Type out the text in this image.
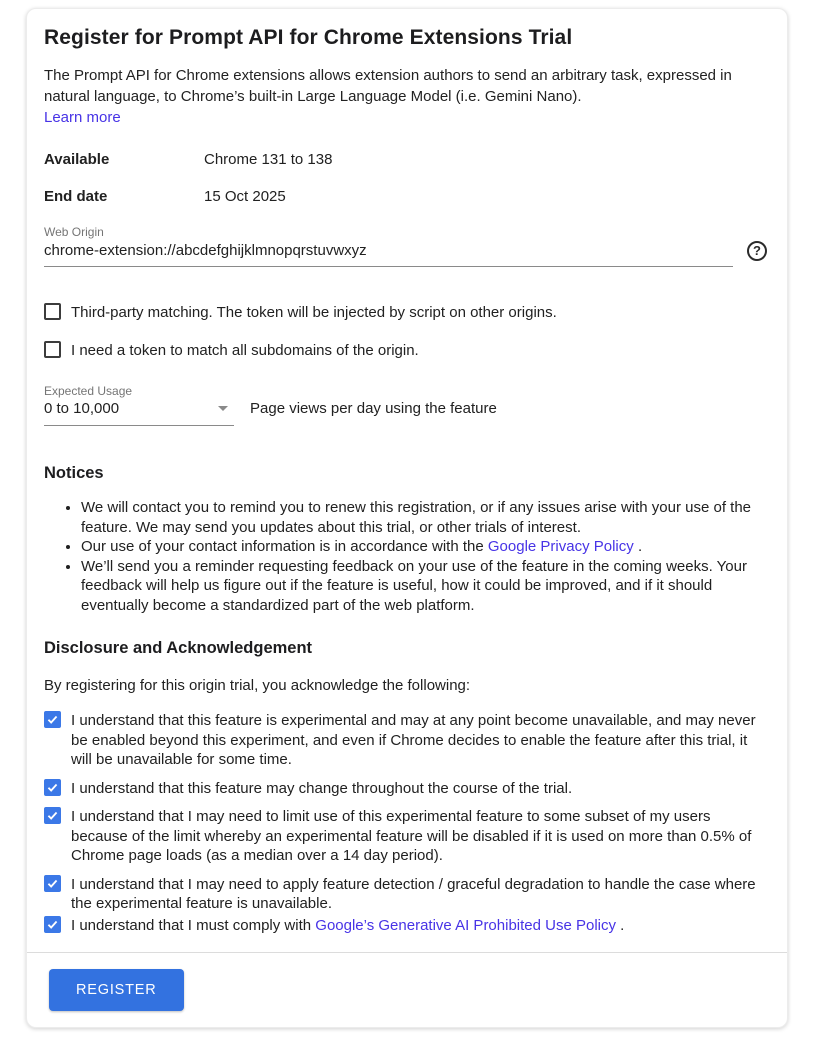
Register for Prompt API for Chrome Extensions Trial
The Prompt API for Chrome extensions allows extension authors to send an arbitrary task, expressed in natural language, to Chrome’s built-in Large Language Model (i.e. Gemini Nano).
Learn more
Available	Chrome 131 to 138
End date	15 Oct 2025
Web Origin
chrome-extension://abcdefghijklmnopqrstuvwxyz
?
Third-party matching. The token will be injected by script on other origins.
I need a token to match all subdomains of the origin.
Expected Usage
0 to 10,000	Page views per day using the feature
Notices
• We will contact you to remind you to renew this registration, or if any issues arise with your use of the feature. We may send you updates about this trial, or other trials of interest.
• Our use of your contact information is in accordance with the Google Privacy Policy .
• We’ll send you a reminder requesting feedback on your use of the feature in the coming weeks. Your feedback will help us figure out if the feature is useful, how it could be improved, and if it should eventually become a standardized part of the web platform.
Disclosure and Acknowledgement
By registering for this origin trial, you acknowledge the following:
I understand that this feature is experimental and may at any point become unavailable, and may never be enabled beyond this experiment, and even if Chrome decides to enable the feature after this trial, it will be unavailable for some time.
I understand that this feature may change throughout the course of the trial.
I understand that I may need to limit use of this experimental feature to some subset of my users because of the limit whereby an experimental feature will be disabled if it is used on more than 0.5% of Chrome page loads (as a median over a 14 day period).
I understand that I may need to apply feature detection / graceful degradation to handle the case where the experimental feature is unavailable.
I understand that I must comply with Google’s Generative AI Prohibited Use Policy .
REGISTER
